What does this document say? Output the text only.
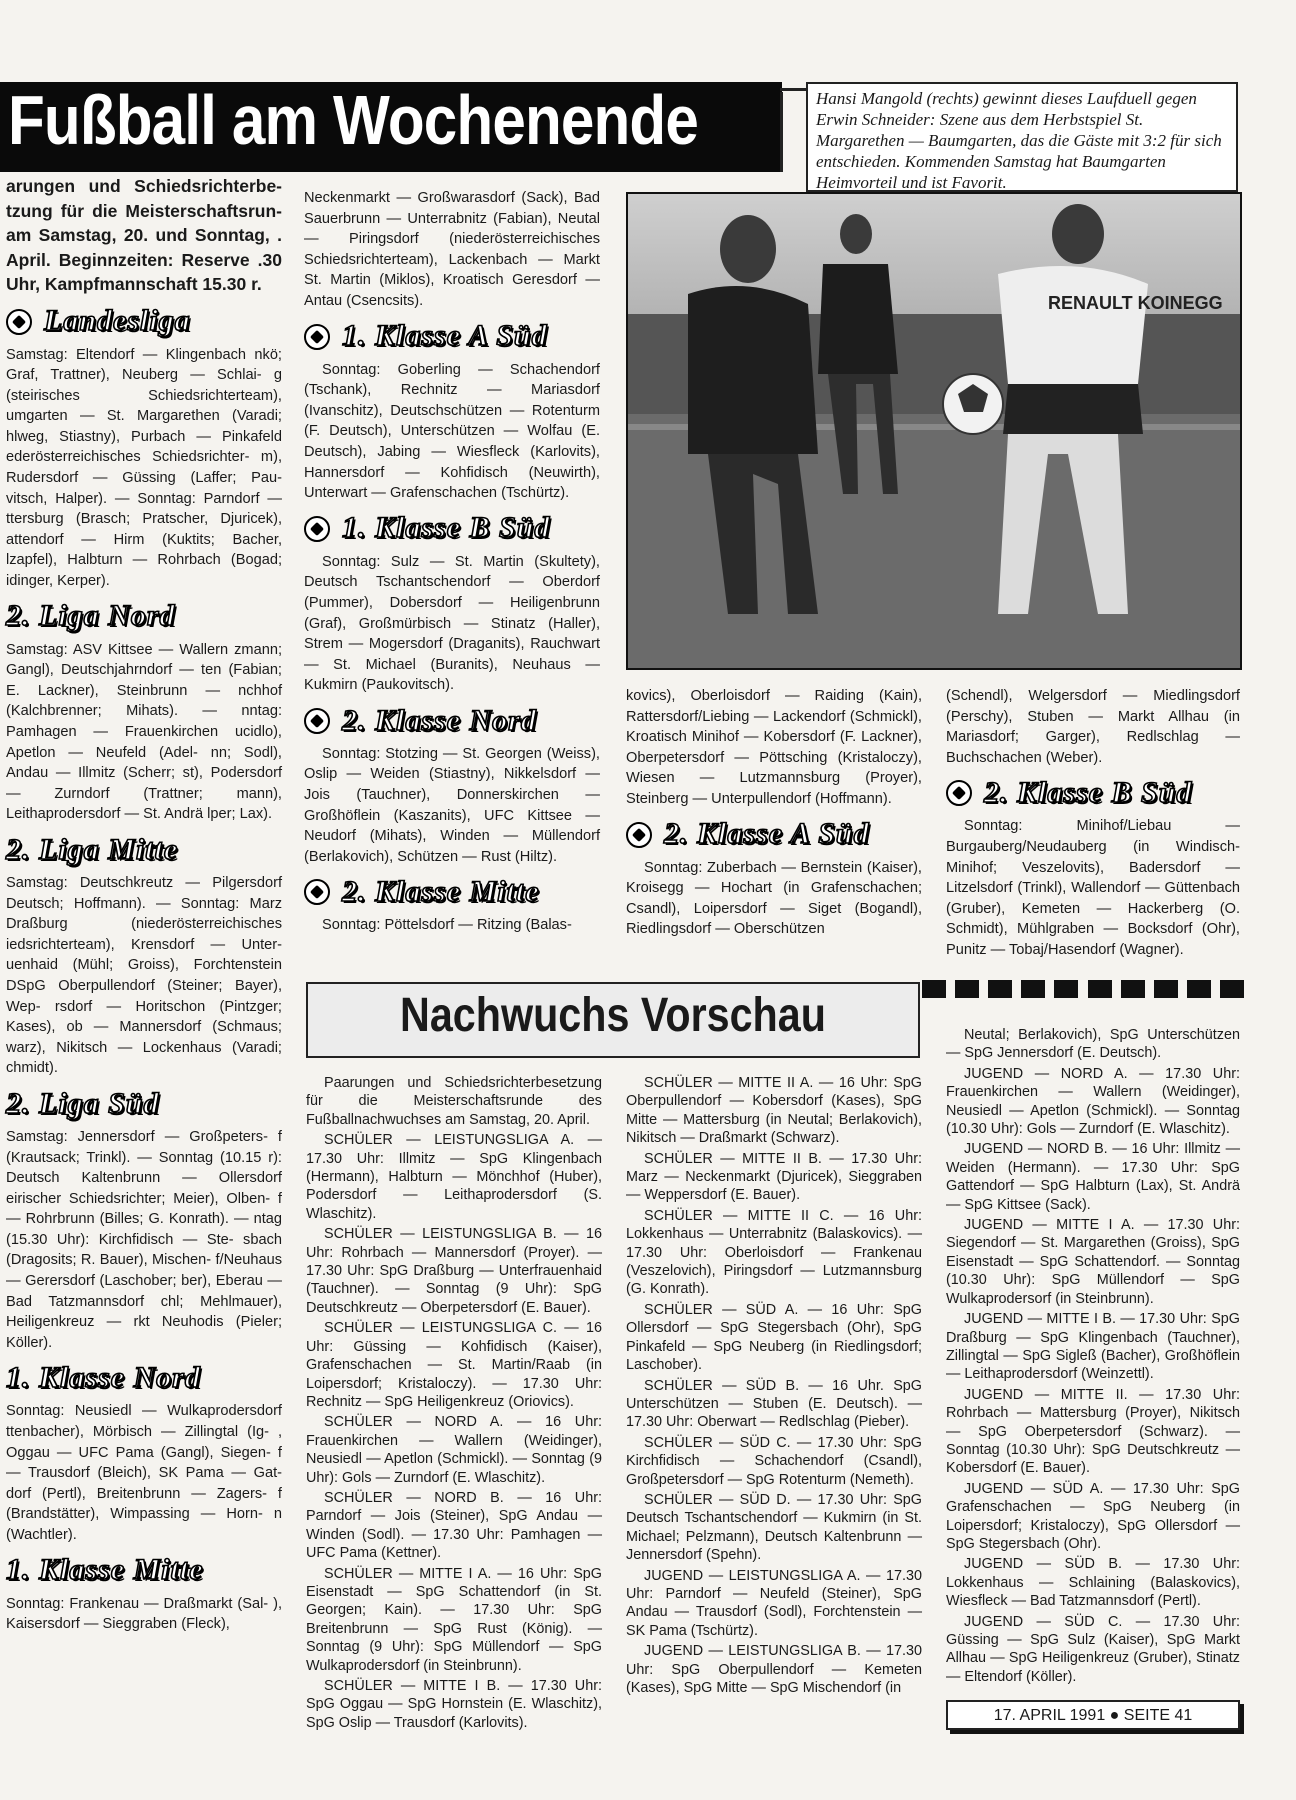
Fußball am Wochenende	Hansi Mangold (rechts) gewinnt dieses Laufduell gegen Erwin Schneider: Szene aus dem Herbstspiel St. Margarethen — Baumgarten, das die Gäste mit 3:2 für sich entschieden. Kommenden Samstag hat Baumgarten Heimvorteil und ist Favorit.
RENAULT KOINEGG

arungen und Schiedsrichterbe- tzung für die Meisterschaftsrun- am Samstag, 20. und Sonntag, . April. Beginnzeiten: Reserve .30 Uhr, Kampfmannschaft 15.30 r.

Landesliga

Samstag: Eltendorf — Klingenbach nkö; Graf, Trattner), Neuberg — Schlai- g (steirisches Schiedsrichterteam), umgarten — St. Margarethen (Varadi; hlweg, Stiastny), Purbach — Pinkafeld ederösterreichisches Schiedsrichter- m), Rudersdorf — Güssing (Laffer; Pau- vitsch, Halper). — Sonntag: Parndorf — ttersburg (Brasch; Pratscher, Djuricek), attendorf — Hirm (Kuktits; Bacher, lzapfel), Halbturn — Rohrbach (Bogad; idinger, Kerper).

2. Liga Nord

Samstag: ASV Kittsee — Wallern zmann; Gangl), Deutschjahrndorf — ten (Fabian; E. Lackner), Steinbrunn — nchhof (Kalchbrenner; Mihats). — nntag: Pamhagen — Frauenkirchen ucidlo), Apetlon — Neufeld (Adel- nn; Sodl), Andau — Illmitz (Scherr; st), Podersdorf — Zurndorf (Trattner; mann), Leithaprodersdorf — St. Andrä lper; Lax).

2. Liga Mitte

Samstag: Deutschkreutz — Pilgersdorf Deutsch; Hoffmann). — Sonntag: Marz Draßburg (niederösterreichisches iedsrichterteam), Krensdorf — Unter- uenhaid (Mühl; Groiss), Forchtenstein DSpG Oberpullendorf (Steiner; Bayer), Wep- rsdorf — Horitschon (Pintzger; Kases), ob — Mannersdorf (Schmaus; warz), Nikitsch — Lockenhaus (Varadi; chmidt).

2. Liga Süd

Samstag: Jennersdorf — Großpeters- f (Krautsack; Trinkl). — Sonntag (10.15 r): Deutsch Kaltenbrunn — Ollersdorf eirischer Schiedsrichter; Meier), Olben- f — Rohrbrunn (Billes; G. Konrath). — ntag (15.30 Uhr): Kirchfidisch — Ste- sbach (Dragosits; R. Bauer), Mischen- f/Neuhaus — Gerersdorf (Laschober; ber), Eberau — Bad Tatzmannsdorf chl; Mehlmauer), Heiligenkreuz — rkt Neuhodis (Pieler; Köller).

1. Klasse Nord

Sonntag: Neusiedl — Wulkaprodersdorf ttenbacher), Mörbisch — Zillingtal (Ig- , Oggau — UFC Pama (Gangl), Siegen- f — Trausdorf (Bleich), SK Pama — Gat- dorf (Pertl), Breitenbrunn — Zagers- f (Brandstätter), Wimpassing — Horn- n (Wachtler).

1. Klasse Mitte

Sonntag: Frankenau — Draßmarkt (Sal- ), Kaisersdorf — Sieggraben (Fleck),

Neckenmarkt — Großwarasdorf (Sack), Bad Sauerbrunn — Unterrabnitz (Fabian), Neutal — Piringsdorf (niederösterreichisches Schiedsrichterteam), Lackenbach — Markt St. Martin (Miklos), Kroatisch Geresdorf — Antau (Csencsits).

1. Klasse A Süd

Sonntag: Goberling — Schachendorf (Tschank), Rechnitz — Mariasdorf (Ivanschitz), Deutschschützen — Rotenturm (F. Deutsch), Unterschützen — Wolfau (E. Deutsch), Jabing — Wiesfleck (Karlovits), Hannersdorf — Kohfidisch (Neuwirth), Unterwart — Grafenschachen (Tschürtz).

1. Klasse B Süd

Sonntag: Sulz — St. Martin (Skultety), Deutsch Tschantschendorf — Oberdorf (Pummer), Dobersdorf — Heiligenbrunn (Graf), Großmürbisch — Stinatz (Haller), Strem — Mogersdorf (Draganits), Rauchwart — St. Michael (Buranits), Neuhaus — Kukmirn (Paukovitsch).

2. Klasse Nord

Sonntag: Stotzing — St. Georgen (Weiss), Oslip — Weiden (Stiastny), Nikkelsdorf — Jois (Tauchner), Donnerskirchen — Großhöflein (Kaszanits), UFC Kittsee — Neudorf (Mihats), Winden — Müllendorf (Berlakovich), Schützen — Rust (Hiltz).

2. Klasse Mitte

Sonntag: Pöttelsdorf — Ritzing (Balas-

kovics), Oberloisdorf — Raiding (Kain), Rattersdorf/Liebing — Lackendorf (Schmickl), Kroatisch Minihof — Kobersdorf (F. Lackner), Oberpetersdorf — Pöttsching (Kristaloczy), Wiesen — Lutzmannsburg (Proyer), Steinberg — Unterpullendorf (Hoffmann).

2. Klasse A Süd

Sonntag: Zuberbach — Bernstein (Kaiser), Kroisegg — Hochart (in Grafenschachen; Csandl), Loipersdorf — Siget (Bogandl), Riedlingsdorf — Oberschützen

(Schendl), Welgersdorf — Miedlingsdorf (Perschy), Stuben — Markt Allhau (in Mariasdorf; Garger), Redlschlag — Buchschachen (Weber).

2. Klasse B Süd

Sonntag: Minihof/Liebau — Burgauberg/Neudauberg (in Windisch-Minihof; Veszelovits), Badersdorf — Litzelsdorf (Trinkl), Wallendorf — Güttenbach (Gruber), Kemeten — Hackerberg (O. Schmidt), Mühlgraben — Bocksdorf (Ohr), Punitz — Tobaj/Hasendorf (Wagner).

Nachwuchs Vorschau

Paarungen und Schiedsrichterbesetzung für die Meisterschaftsrunde des Fußballnachwuchses am Samstag, 20. April.

SCHÜLER — LEISTUNGSLIGA A. — 17.30 Uhr: Illmitz — SpG Klingenbach (Hermann), Halbturn — Mönchhof (Huber), Podersdorf — Leithaprodersdorf (S. Wlaschitz).

SCHÜLER — LEISTUNGSLIGA B. — 16 Uhr: Rohrbach — Mannersdorf (Proyer). — 17.30 Uhr: SpG Draßburg — Unterfrauenhaid (Tauchner). — Sonntag (9 Uhr): SpG Deutschkreutz — Oberpetersdorf (E. Bauer).

SCHÜLER — LEISTUNGSLIGA C. — 16 Uhr: Güssing — Kohfidisch (Kaiser), Grafenschachen — St. Martin/Raab (in Loipersdorf; Kristaloczy). — 17.30 Uhr: Rechnitz — SpG Heiligenkreuz (Oriovics).

SCHÜLER — NORD A. — 16 Uhr: Frauenkirchen — Wallern (Weidinger), Neusiedl — Apetlon (Schmickl). — Sonntag (9 Uhr): Gols — Zurndorf (E. Wlaschitz).

SCHÜLER — NORD B. — 16 Uhr: Parndorf — Jois (Steiner), SpG Andau — Winden (Sodl). — 17.30 Uhr: Pamhagen — UFC Pama (Kettner).

SCHÜLER — MITTE I A. — 16 Uhr: SpG Eisenstadt — SpG Schattendorf (in St. Georgen; Kain). — 17.30 Uhr: SpG Breitenbrunn — SpG Rust (König). — Sonntag (9 Uhr): SpG Müllendorf — SpG Wulkaprodersdorf (in Steinbrunn).

SCHÜLER — MITTE I B. — 17.30 Uhr: SpG Oggau — SpG Hornstein (E. Wlaschitz), SpG Oslip — Trausdorf (Karlovits).

SCHÜLER — MITTE II A. — 16 Uhr: SpG Oberpullendorf — Kobersdorf (Kases), SpG Mitte — Mattersburg (in Neutal; Berlakovich), Nikitsch — Draßmarkt (Schwarz).

SCHÜLER — MITTE II B. — 17.30 Uhr: Marz — Neckenmarkt (Djuricek), Sieggraben — Weppersdorf (E. Bauer).

SCHÜLER — MITTE II C. — 16 Uhr: Lokkenhaus — Unterrabnitz (Balaskovics). — 17.30 Uhr: Oberloisdorf — Frankenau (Veszelovich), Piringsdorf — Lutzmannsburg (G. Konrath).

SCHÜLER — SÜD A. — 16 Uhr: SpG Ollersdorf — SpG Stegersbach (Ohr), SpG Pinkafeld — SpG Neuberg (in Riedlingsdorf; Laschober).

SCHÜLER — SÜD B. — 16 Uhr. SpG Unterschützen — Stuben (E. Deutsch). — 17.30 Uhr: Oberwart — Redlschlag (Pieber).

SCHÜLER — SÜD C. — 17.30 Uhr: SpG Kirchfidisch — Schachendorf (Csandl), Großpetersdorf — SpG Rotenturm (Nemeth).

SCHÜLER — SÜD D. — 17.30 Uhr: SpG Deutsch Tschantschendorf — Kukmirn (in St. Michael; Pelzmann), Deutsch Kaltenbrunn — Jennersdorf (Spehn).

JUGEND — LEISTUNGSLIGA A. — 17.30 Uhr: Parndorf — Neufeld (Steiner), SpG Andau — Trausdorf (Sodl), Forchtenstein — SK Pama (Tschürtz).

JUGEND — LEISTUNGSLIGA B. — 17.30 Uhr: SpG Oberpullendorf — Kemeten (Kases), SpG Mitte — SpG Mischendorf (in

Neutal; Berlakovich), SpG Unterschützen — SpG Jennersdorf (E. Deutsch).

JUGEND — NORD A. — 17.30 Uhr: Frauenkirchen — Wallern (Weidinger), Neusiedl — Apetlon (Schmickl). — Sonntag (10.30 Uhr): Gols — Zurndorf (E. Wlaschitz).

JUGEND — NORD B. — 16 Uhr: Illmitz — Weiden (Hermann). — 17.30 Uhr: SpG Gattendorf — SpG Halbturn (Lax), St. Andrä — SpG Kittsee (Sack).

JUGEND — MITTE I A. — 17.30 Uhr: Siegendorf — St. Margarethen (Groiss), SpG Eisenstadt — SpG Schattendorf. — Sonntag (10.30 Uhr): SpG Müllendorf — SpG Wulkaprodersorf (in Steinbrunn).

JUGEND — MITTE I B. — 17.30 Uhr: SpG Draßburg — SpG Klingenbach (Tauchner), Zillingtal — SpG Sigleß (Bacher), Großhöflein — Leithaprodersdorf (Weinzettl).

JUGEND — MITTE II. — 17.30 Uhr: Rohrbach — Mattersburg (Proyer), Nikitsch — SpG Oberpetersdorf (Schwarz). — Sonntag (10.30 Uhr): SpG Deutschkreutz — Kobersdorf (E. Bauer).

JUGEND — SÜD A. — 17.30 Uhr: SpG Grafenschachen — SpG Neuberg (in Loipersdorf; Kristaloczy), SpG Ollersdorf — SpG Stegersbach (Ohr).

JUGEND — SÜD B. — 17.30 Uhr: Lokkenhaus — Schlaining (Balaskovics), Wiesfleck — Bad Tatzmannsdorf (Pertl).

JUGEND — SÜD C. — 17.30 Uhr: Güssing — SpG Sulz (Kaiser), SpG Markt Allhau — SpG Heiligenkreuz (Gruber), Stinatz — Eltendorf (Köller).

17. APRIL 1991 ● SEITE 41
